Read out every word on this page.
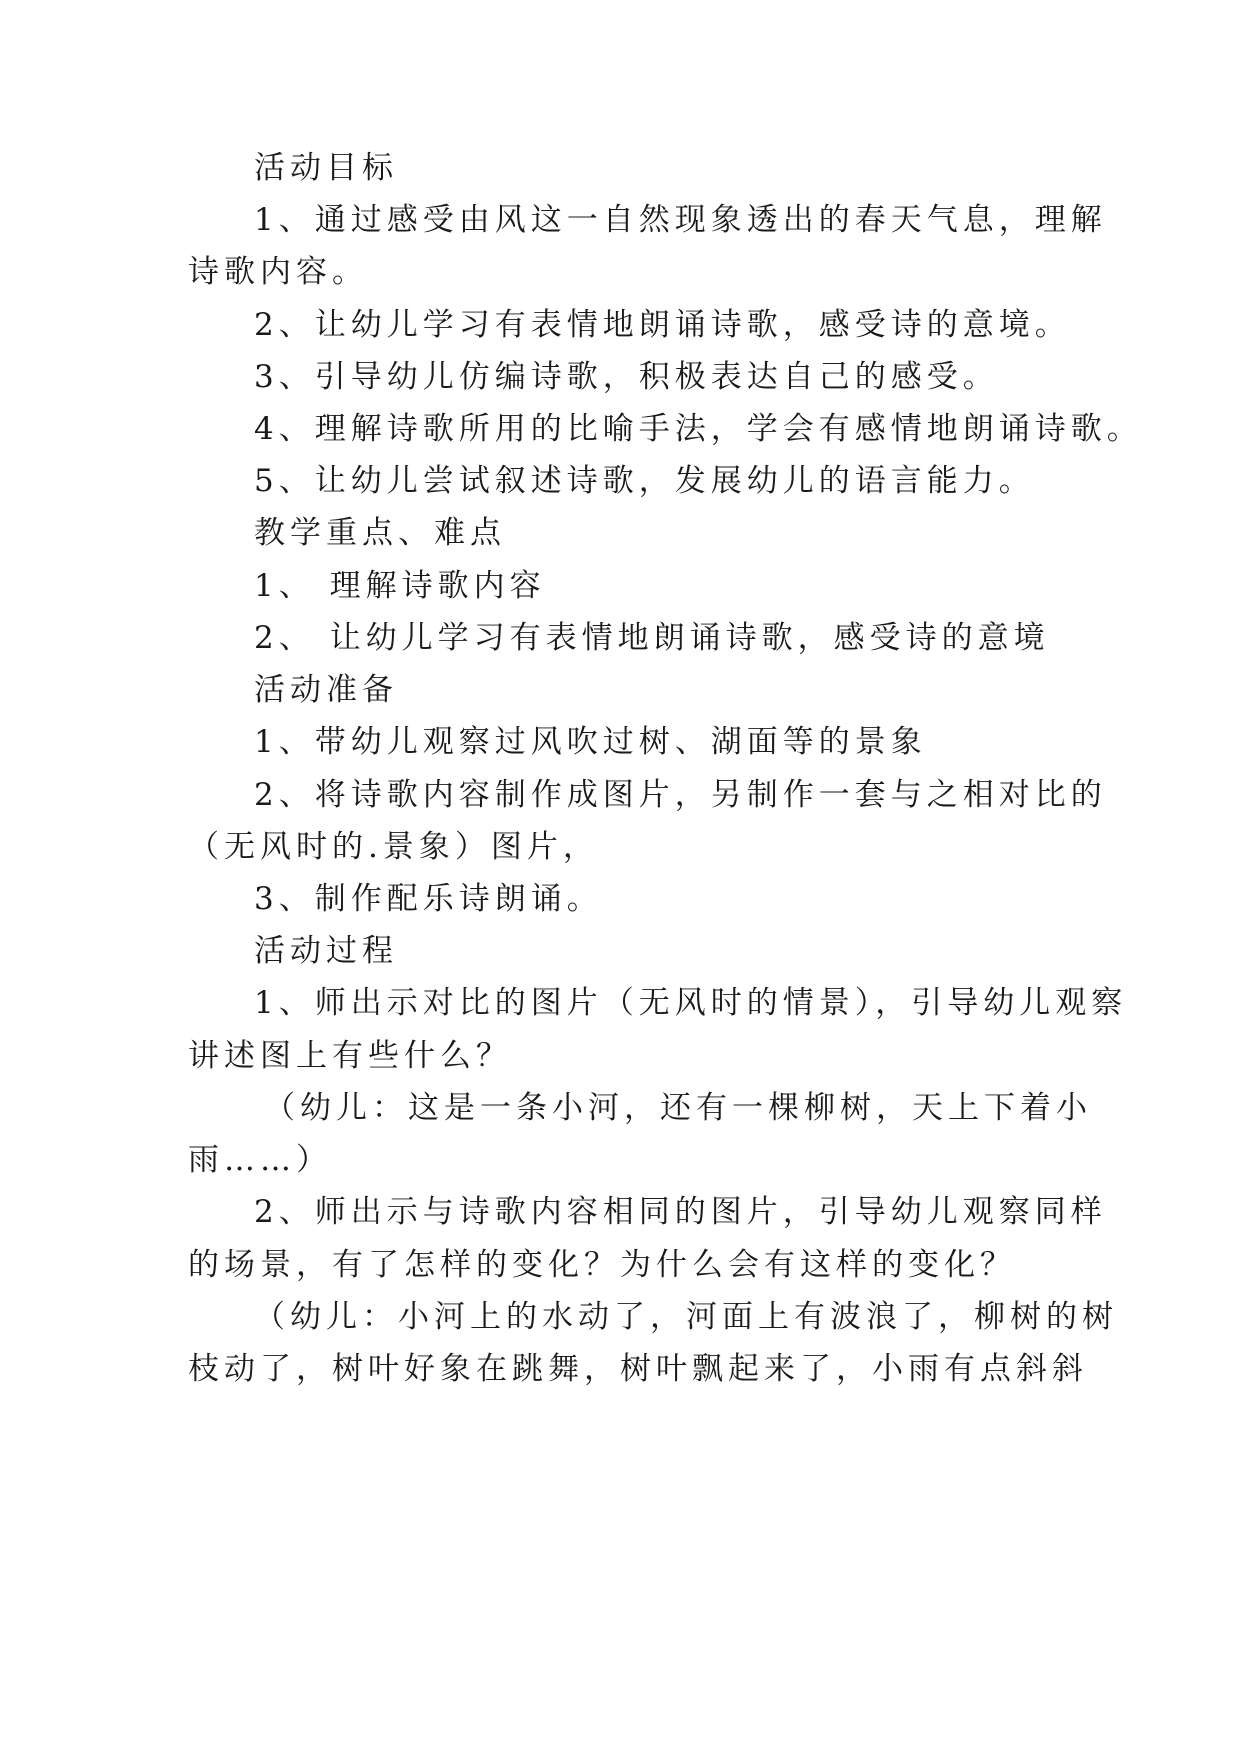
活动目标
1、通过感受由风这一自然现象透出的春天气息，理解
诗歌内容。
2、让幼儿学习有表情地朗诵诗歌，感受诗的意境。
3、引导幼儿仿编诗歌，积极表达自己的感受。
4、理解诗歌所用的比喻手法，学会有感情地朗诵诗歌。
5、让幼儿尝试叙述诗歌，发展幼儿的语言能力。
教学重点、难点
1、 理解诗歌内容
2、 让幼儿学习有表情地朗诵诗歌，感受诗的意境
活动准备
1、带幼儿观察过风吹过树、湖面等的景象
2、将诗歌内容制作成图片，另制作一套与之相对比的
（无风时的.景象）图片，
3、制作配乐诗朗诵。
活动过程
1、师出示对比的图片（无风时的情景），引导幼儿观察
讲述图上有些什么？
（幼儿：这是一条小河，还有一棵柳树，天上下着小
雨……）
2、师出示与诗歌内容相同的图片，引导幼儿观察同样
的场景，有了怎样的变化？为什么会有这样的变化？
（幼儿：小河上的水动了，河面上有波浪了，柳树的树
枝动了，树叶好象在跳舞，树叶飘起来了，小雨有点斜斜
